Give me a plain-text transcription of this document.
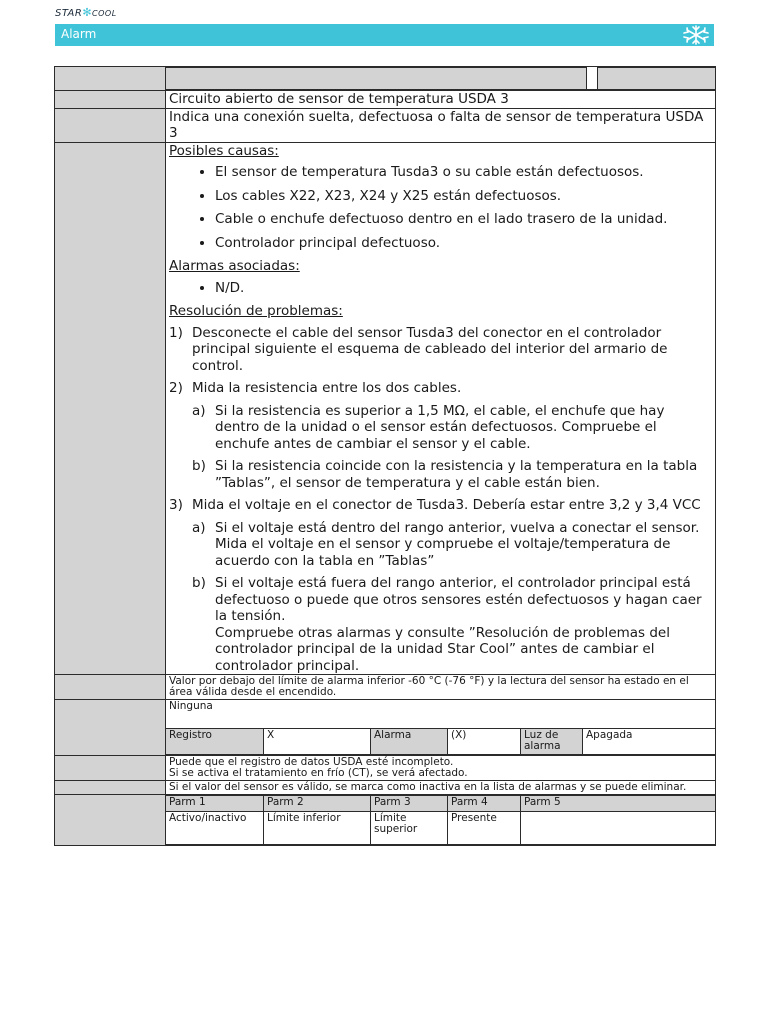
STAR✻COOL
Alarm

	Circuito abierto de sensor de temperatura USDA 3
	Indica una conexión suelta, defectuosa o falta de sensor de temperatura USDA 3

Posibles causas:
• El sensor de temperatura Tusda3 o su cable están defectuosos.
• Los cables X22, X23, X24 y X25 están defectuosos.
• Cable o enchufe defectuoso dentro en el lado trasero de la unidad.
• Controlador principal defectuoso.
Alarmas asociadas:
• N/D.
Resolución de problemas:
1) Desconecte el cable del sensor Tusda3 del conector en el controlador principal siguiente el esquema de cableado del interior del armario de control.
2) Mida la resistencia entre los dos cables.
a) Si la resistencia es superior a 1,5 MΩ, el cable, el enchufe que hay dentro de la unidad o el sensor están defectuosos. Compruebe el enchufe antes de cambiar el sensor y el cable.
b) Si la resistencia coincide con la resistencia y la temperatura en la tabla ”Tablas”, el sensor de temperatura y el cable están bien.
3) Mida el voltaje en el conector de Tusda3. Debería estar entre 3,2 y 3,4 VCC
a) Si el voltaje está dentro del rango anterior, vuelva a conectar el sensor.
Mida el voltaje en el sensor y compruebe el voltaje/temperatura de acuerdo con la tabla en ”Tablas”
b) Si el voltaje está fuera del rango anterior, el controlador principal está defectuoso o puede que otros sensores estén defectuosos y hagan caer la tensión.
Compruebe otras alarmas y consulte ”Resolución de problemas del controlador principal de la unidad Star Cool” antes de cambiar el controlador principal.

	Valor por debajo del límite de alarma inferior -60 °C (-76 °F) y la lectura del sensor ha estado en el área válida desde el encendido.

Ninguna
Registro	X	Alarma	(X)	Luz de alarma	Apagada

	Puede que el registro de datos USDA esté incompleto.
Si se activa el tratamiento en frío (CT), se verá afectado.
	Si el valor del sensor es válido, se marca como inactiva en la lista de alarmas y se puede eliminar.

Parm 1	Parm 2	Parm 3	Parm 4	Parm 5
Activo/inactivo	Límite inferior	Límite superior	Presente	
